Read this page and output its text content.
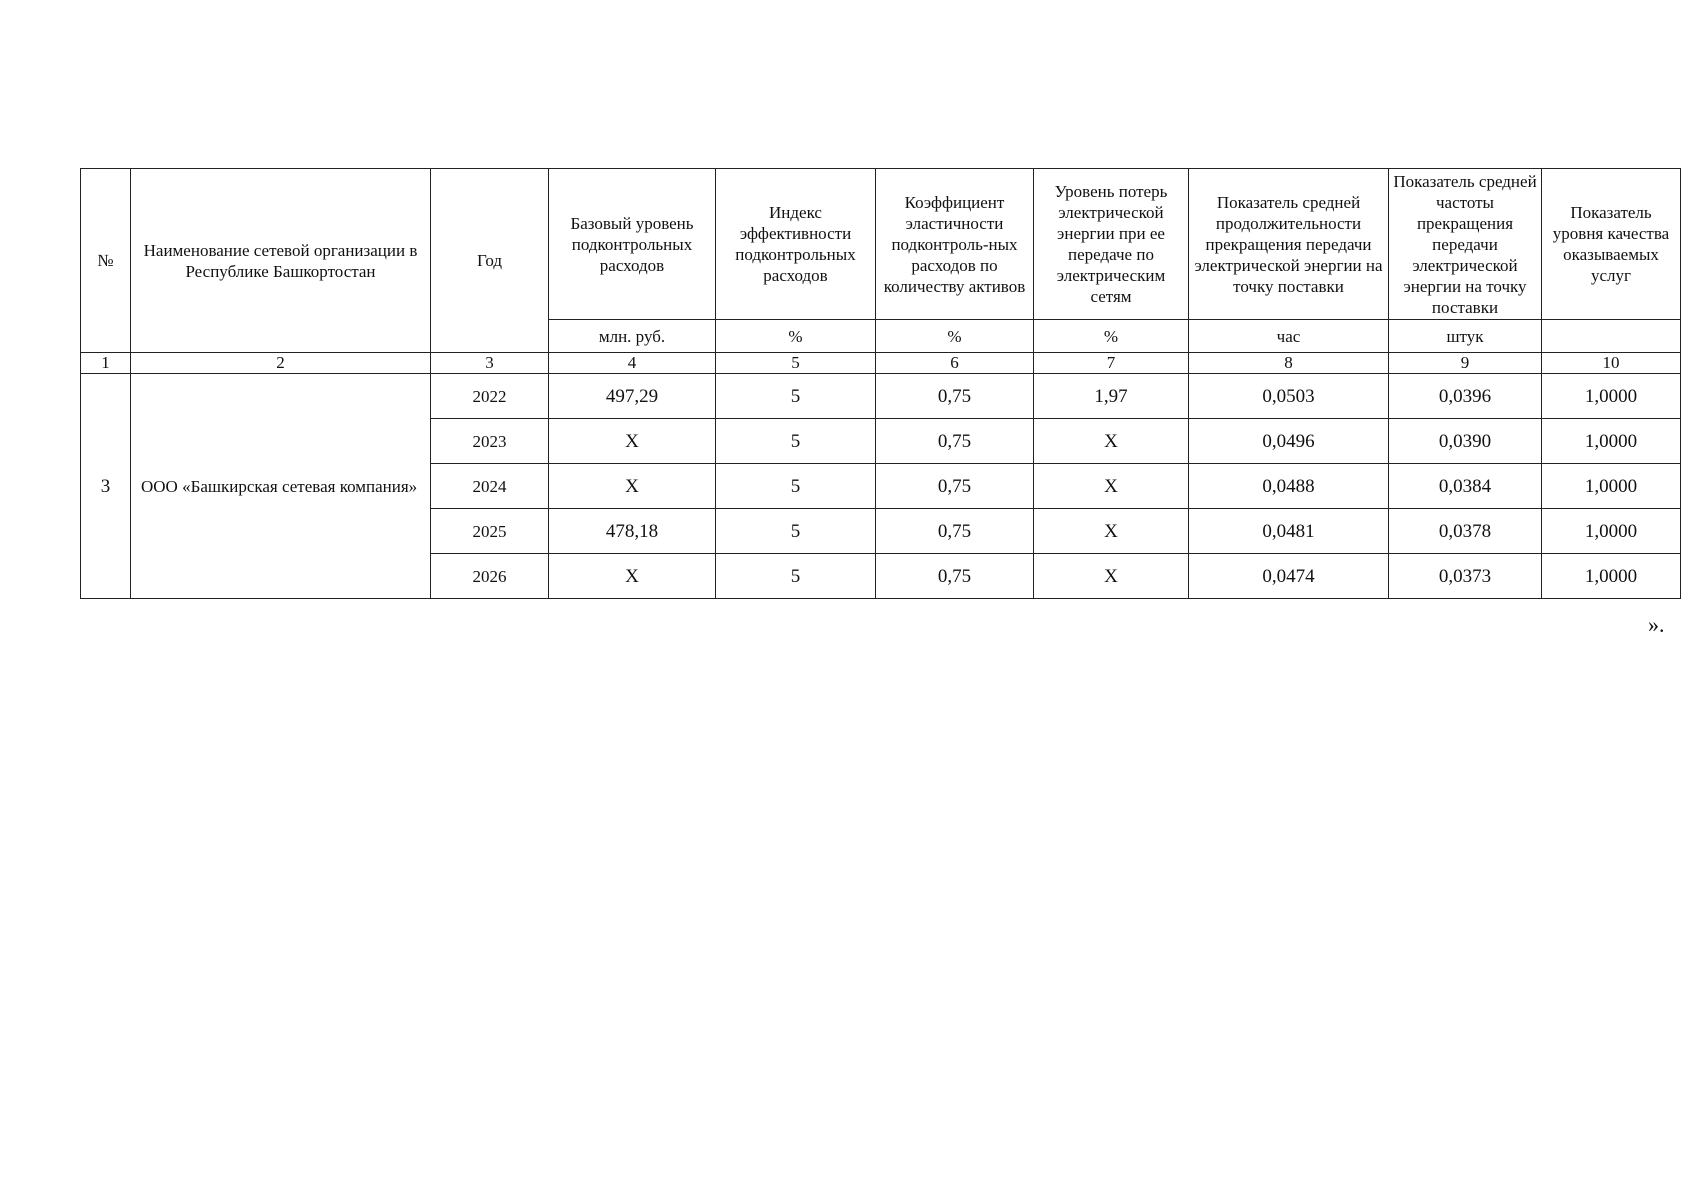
№	Наименование сетевой организации в Республике Башкортостан	Год	Базовый уровень подконтрольных расходов	Индекс эффективности подконтрольных расходов	Коэффициент эластичности подконтроль-ных расходов по количеству активов	Уровень потерь электрической энергии при ее передаче по электрическим сетям	Показатель средней продолжительности прекращения передачи электрической энергии на точку поставки	Показатель средней частоты прекращения передачи электрической энергии на точку поставки	Показатель уровня качества оказываемых услуг
			млн. руб.	%	%	%	час	штук	
1	2	3	4	5	6	7	8	9	10
3	ООО «Башкирская сетевая компания»	2022	497,29	5	0,75	1,97	0,0503	0,0396	1,0000
		2023	X	5	0,75	X	0,0496	0,0390	1,0000
		2024	X	5	0,75	X	0,0488	0,0384	1,0000
		2025	478,18	5	0,75	X	0,0481	0,0378	1,0000
		2026	X	5	0,75	X	0,0474	0,0373	1,0000
».
